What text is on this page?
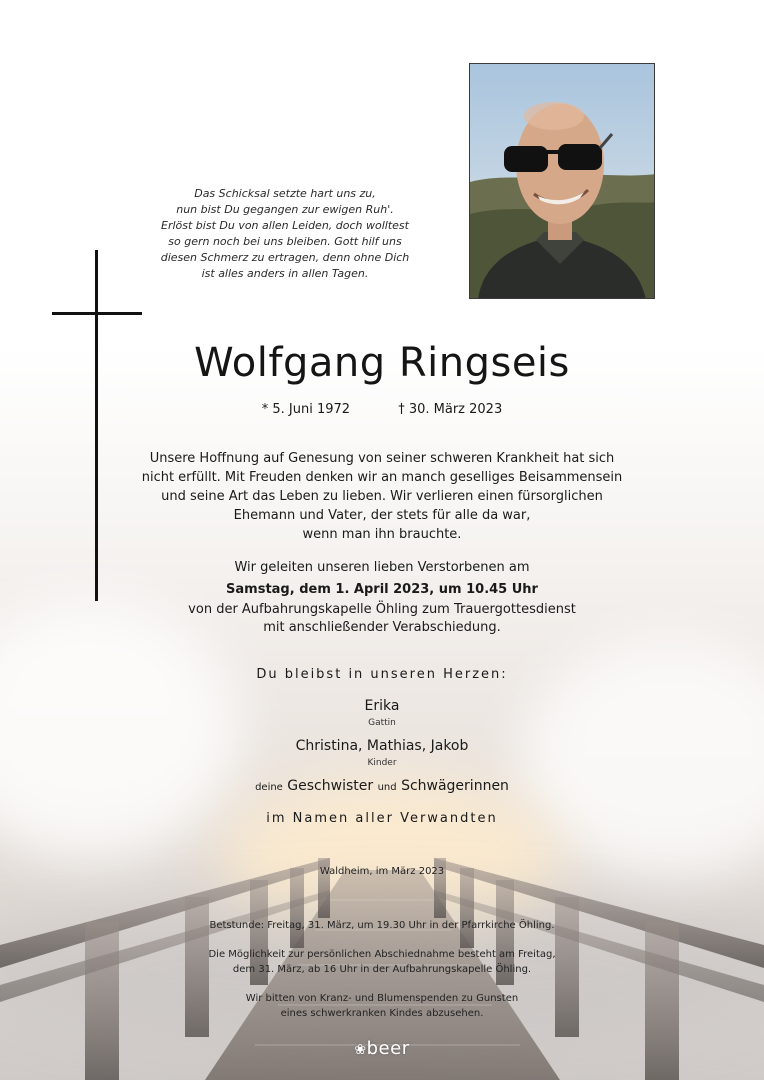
Das Schicksal setzte hart uns zu,
nun bist Du gegangen zur ewigen Ruh'.
Erlöst bist Du von allen Leiden, doch wolltest
so gern noch bei uns bleiben. Gott hilf uns
diesen Schmerz zu ertragen, denn ohne Dich
ist alles anders in allen Tagen.
Wolfgang Ringseis
* 5. Juni 1972	† 30. März 2023
Unsere Hoffnung auf Genesung von seiner schweren Krankheit hat sich
nicht erfüllt. Mit Freuden denken wir an manch geselliges Beisammensein
und seine Art das Leben zu lieben. Wir verlieren einen fürsorglichen
Ehemann und Vater, der stets für alle da war,
wenn man ihn brauchte.
Wir geleiten unseren lieben Verstorbenen am
Samstag, dem 1. April 2023, um 10.45 Uhr
von der Aufbahrungskapelle Öhling zum Trauergottesdienst
mit anschließender Verabschiedung.
Du bleibst in unseren Herzen:
Erika
Gattin
Christina, Mathias, Jakob
Kinder
deine Geschwister und Schwägerinnen
im Namen aller Verwandten
Waldheim, im März 2023
Betstunde: Freitag, 31. März, um 19.30 Uhr in der Pfarrkirche Öhling.
Die Möglichkeit zur persönlichen Abschiednahme besteht am Freitag,
dem 31. März, ab 16 Uhr in der Aufbahrungskapelle Öhling.
Wir bitten von Kranz- und Blumenspenden zu Gunsten
eines schwerkranken Kindes abzusehen.
❀beer
